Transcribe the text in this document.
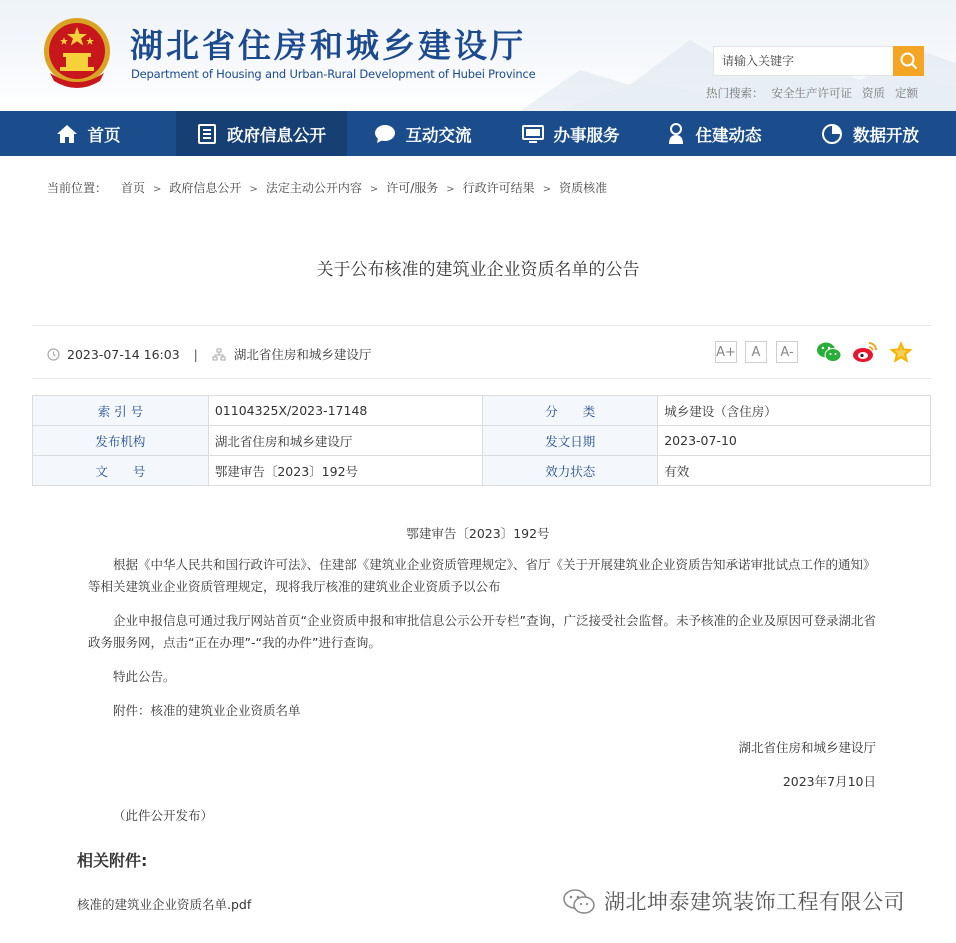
湖北省住房和城乡建设厅
Department of Housing and Urban-Rural Development of Hubei Province
请输入关键字
热门搜索： 安全生产许可证 资质 定额
首页	政府信息公开	互动交流	办事服务	住建动态	数据开放
当前位置： 首页 > 政府信息公开 > 法定主动公开内容 > 许可/服务 > 行政许可结果 > 资质核准
关于公布核准的建筑业企业资质名单的公告
2023-07-14 16:03 |	湖北省住房和城乡建设厅	A+	A	A-
索 引 号	01104325X/2023-17148	分　　类	城乡建设（含住房）
发布机构	湖北省住房和城乡建设厅	发文日期	2023-07-10
文　　号	鄂建审告〔2023〕192号	效力状态	有效
鄂建审告〔2023〕192号
根据《中华人民共和国行政许可法》、住建部《建筑业企业资质管理规定》、省厅《关于开展建筑业企业资质告知承诺审批试点工作的通知》等相关建筑业企业资质管理规定，现将我厅核准的建筑业企业资质予以公布
企业申报信息可通过我厅网站首页“企业资质申报和审批信息公示公开专栏”查询，广泛接受社会监督。未予核准的企业及原因可登录湖北省政务服务网，点击“正在办理”-“我的办件”进行查询。
特此公告。
附件：核准的建筑业企业资质名单
湖北省住房和城乡建设厅
2023年7月10日
（此件公开发布）
相关附件:
核准的建筑业企业资质名单.pdf	湖北坤泰建筑装饰工程有限公司
